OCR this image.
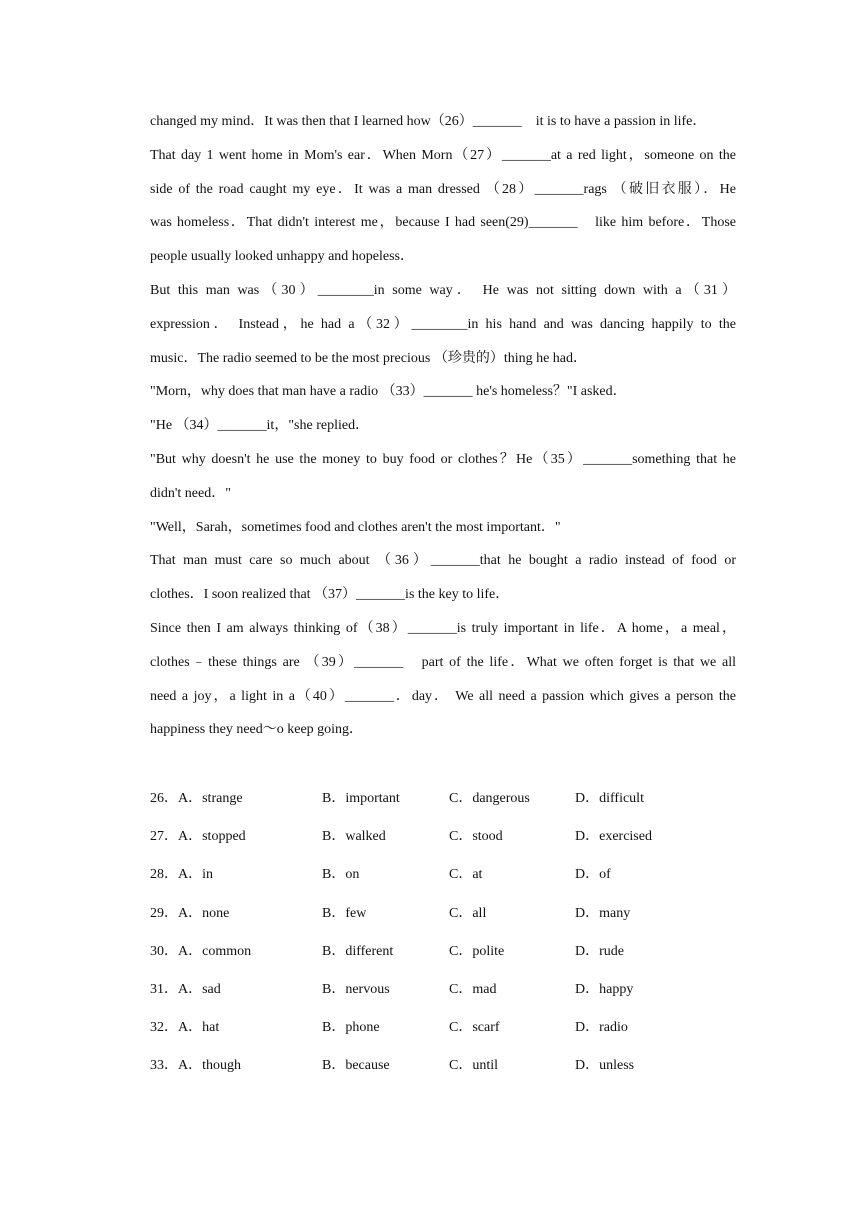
changed my mind．It was then that I learned how（26）_______　it is to have a passion in life．
That day 1 went home in Mom's ear．When Morn（27）_______at a red light，someone on the
side of the road caught my eye．It was a man dressed （28）_______rags （破旧衣服）．He
was homeless．That didn't interest me，because I had seen(29)_______　like him before．Those
people usually looked unhappy and hopeless．
But this man was（30）________in some way． He was not sitting down with a（31）
expression． Instead，he had a（32）________in his hand and was dancing happily to the
music．The radio seemed to be the most precious （珍贵的）thing he had．
"Morn，why does that man have a radio （33）_______ he's homeless？"I asked．
"He （34）_______it，"she replied．
"But why doesn't he use the money to buy food or clothes？He（35）_______something that he
didn't need．"
"Well，Sarah，sometimes food and clothes aren't the most important．"
That man must care so much about （36）_______that he bought a radio instead of food or
clothes．I soon realized that （37）_______is the key to life．
Since then I am always thinking of（38）_______is truly important in life．A home，a meal，
clothes﹣these things are （39）_______　part of the life．What we often forget is that we all
need a joy，a light in a（40）_______．day． We all need a passion which gives a person the
happiness they need～o keep going．
26．A．strange	B．important	C．dangerous	D．difficult
27．A．stopped	B．walked	C．stood	D．exercised
28．A．in	B．on	C．at	D．of
29．A．none	B．few	C．all	D．many
30．A．common	B．different	C．polite	D．rude
31．A．sad	B．nervous	C．mad	D．happy
32．A．hat	B．phone	C．scarf	D．radio
33．A．though	B．because	C．until	D．unless
